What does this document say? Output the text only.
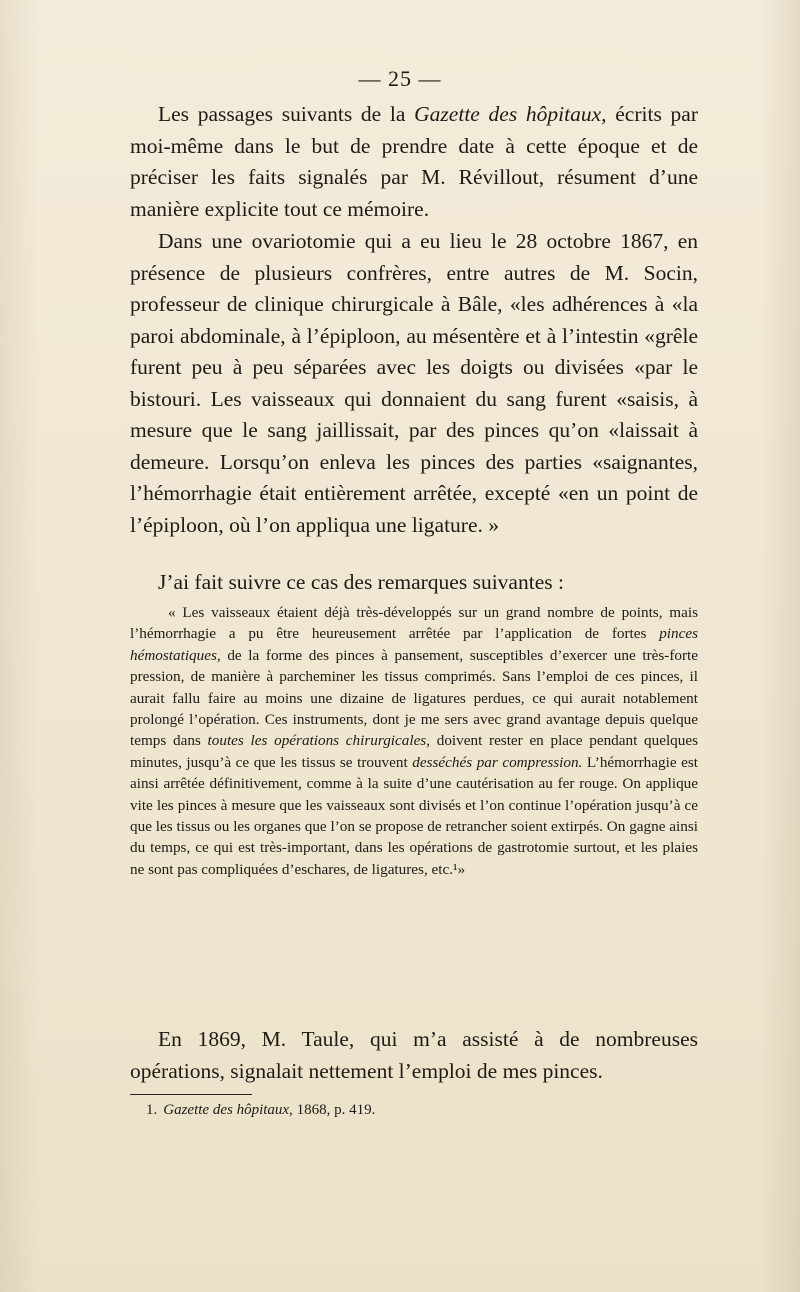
— 25 —

Les passages suivants de la Gazette des hôpitaux, écrits par moi-même dans le but de prendre date à cette époque et de préciser les faits signalés par M. Révillout, résument d’une manière explicite tout ce mémoire.

Dans une ovariotomie qui a eu lieu le 28 octobre 1867, en présence de plusieurs confrères, entre autres de M. Socin, professeur de clinique chirurgicale à Bâle, «les adhérences à «la paroi abdominale, à l’épiploon, au mésentère et à l’intestin «grêle furent peu à peu séparées avec les doigts ou divisées «par le bistouri. Les vaisseaux qui donnaient du sang furent «saisis, à mesure que le sang jaillissait, par des pinces qu’on «laissait à demeure. Lorsqu’on enleva les pinces des parties «saignantes, l’hémorrhagie était entièrement arrêtée, excepté «en un point de l’épiploon, où l’on appliqua une ligature. »

J’ai fait suivre ce cas des remarques suivantes :

« Les vaisseaux étaient déjà très-développés sur un grand nombre de points, mais l’hémorrhagie a pu être heureusement arrêtée par l’application de fortes pinces hémostatiques, de la forme des pinces à pansement, susceptibles d’exercer une très-forte pression, de manière à parcheminer les tissus comprimés. Sans l’emploi de ces pinces, il aurait fallu faire au moins une dizaine de ligatures perdues, ce qui aurait notablement prolongé l’opération. Ces instruments, dont je me sers avec grand avantage depuis quelque temps dans toutes les opérations chirurgicales, doivent rester en place pendant quelques minutes, jusqu’à ce que les tissus se trouvent desséchés par compression. L’hémorrhagie est ainsi arrêtée définitivement, comme à la suite d’une cautérisation au fer rouge. On applique vite les pinces à mesure que les vaisseaux sont divisés et l’on continue l’opération jusqu’à ce que les tissus ou les organes que l’on se propose de retrancher soient extirpés. On gagne ainsi du temps, ce qui est très-important, dans les opérations de gastrotomie surtout, et les plaies ne sont pas compliquées d’eschares, de ligatures, etc.¹»

En 1869, M. Taule, qui m’a assisté à de nombreuses opérations, signalait nettement l’emploi de mes pinces.

1. Gazette des hôpitaux, 1868, p. 419.
